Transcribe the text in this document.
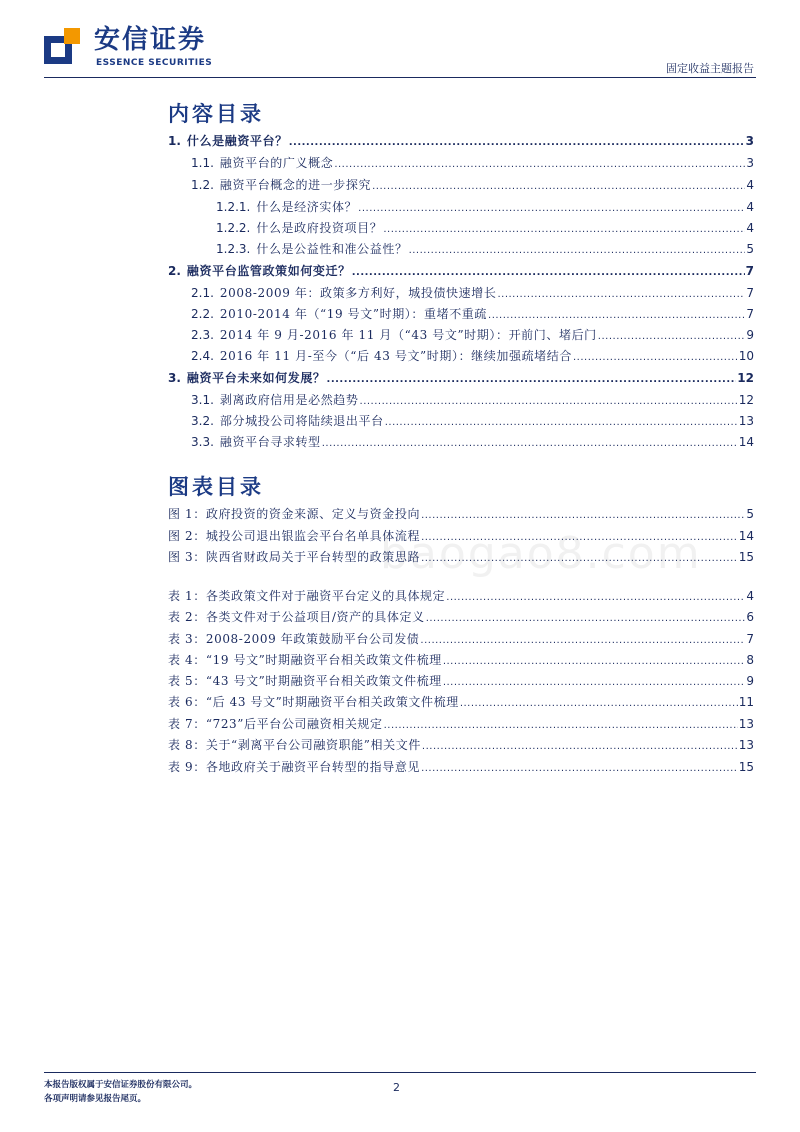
安信证券
ESSENCE SECURITIES	固定收益主题报告
内容目录
1. 什么是融资平台？ .....	3
1.1. 融资平台的广义概念 .....	3
1.2. 融资平台概念的进一步探究 .....	4
1.2.1. 什么是经济实体？ .....	4
1.2.2. 什么是政府投资项目？ .....	4
1.2.3. 什么是公益性和准公益性？ .....	5
2. 融资平台监管政策如何变迁？ .....	7
2.1. 2008-2009 年：政策多方利好，城投债快速增长 .....	7
2.2. 2010-2014 年（“19 号文”时期）：重堵不重疏 .....	7
2.3. 2014 年 9 月-2016 年 11 月（“43 号文”时期）：开前门、堵后门 .....	9
2.4. 2016 年 11 月-至今（“后 43 号文”时期）：继续加强疏堵结合 .....	10
3. 融资平台未来如何发展？ .....	12
3.1. 剥离政府信用是必然趋势 .....	12
3.2. 部分城投公司将陆续退出平台 .....	13
3.3. 融资平台寻求转型 .....	14
图表目录
图 1：政府投资的资金来源、定义与资金投向 .....	5
图 2：城投公司退出银监会平台名单具体流程 .....	14
图 3：陕西省财政局关于平台转型的政策思路 .....	15
表 1：各类政策文件对于融资平台定义的具体规定 .....	4
表 2：各类文件对于公益项目/资产的具体定义 .....	6
表 3：2008-2009 年政策鼓励平台公司发债 .....	7
表 4：“19 号文”时期融资平台相关政策文件梳理 .....	8
表 5：“43 号文”时期融资平台相关政策文件梳理 .....	9
表 6：“后 43 号文”时期融资平台相关政策文件梳理 .....	11
表 7：“723”后平台公司融资相关规定 .....	13
表 8：关于“剥离平台公司融资职能”相关文件 .....	13
表 9：各地政府关于融资平台转型的指导意见 .....	15
baogao8.com
本报告版权属于安信证券股份有限公司。
各项声明请参见报告尾页。
2
